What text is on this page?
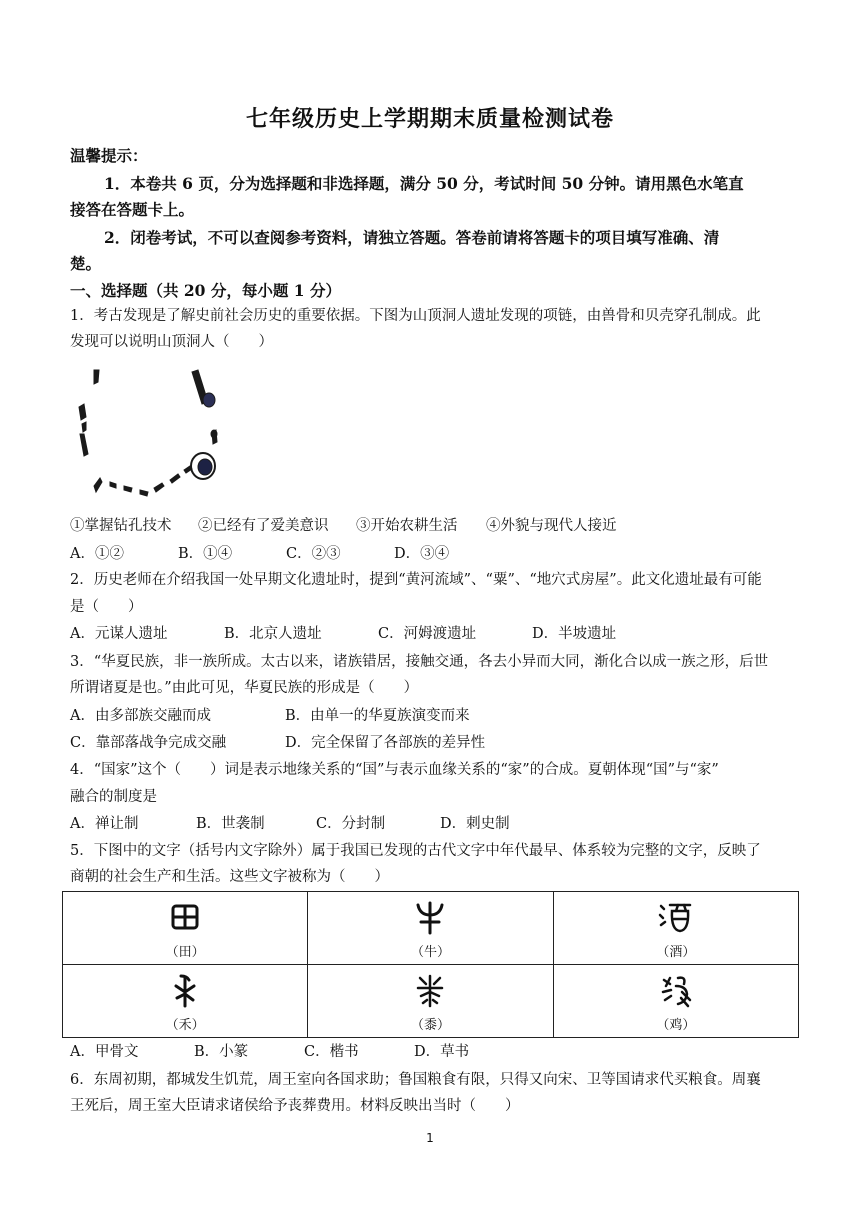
七年级历史上学期期末质量检测试卷
温馨提示：
1．本卷共 6 页，分为选择题和非选择题，满分 50 分，考试时间 50 分钟。请用黑色水笔直
接答在答题卡上。
2．闭卷考试，不可以查阅参考资料，请独立答题。答卷前请将答题卡的项目填写准确、清
楚。
一、选择题（共 20 分，每小题 1 分）
1．考古发现是了解史前社会历史的重要依据。下图为山顶洞人遗址发现的项链，由兽骨和贝壳穿孔制成。此
发现可以说明山顶洞人（　　）
①掌握钻孔技术 ②已经有了爱美意识 ③开始农耕生活 ④外貌与现代人接近
A．①②	B．①④	C．②③	D．③④
2．历史老师在介绍我国一处早期文化遗址时，提到“黄河流域”、“粟”、“地穴式房屋”。此文化遗址最有可能
是（　　）
A．元谋人遗址	B．北京人遗址	C．河姆渡遗址	D．半坡遗址
3．“华夏民族，非一族所成。太古以来，诸族错居，接触交通，各去小异而大同，渐化合以成一族之形，后世
所谓诸夏是也。”由此可见，华夏民族的形成是（　　）
A．由多部族交融而成	B．由单一的华夏族演变而来
C．靠部落战争完成交融	D．完全保留了各部族的差异性
4．“国家”这个（　　）词是表示地缘关系的“国”与表示血缘关系的“家”的合成。夏朝体现“国”与“家”
融合的制度是
A．禅让制	B．世袭制	C．分封制	D．刺史制
5．下图中的文字（括号内文字除外）属于我国已发现的古代文字中年代最早、体系较为完整的文字，反映了
商朝的社会生产和生活。这些文字被称为（　　）
（田）	（牛）	（酒）

（禾）	（黍）	（鸡）
A．甲骨文	B．小篆	C．楷书	D．草书
6．东周初期，都城发生饥荒，周王室向各国求助；鲁国粮食有限，只得又向宋、卫等国请求代买粮食。周襄
王死后，周王室大臣请求诸侯给予丧葬费用。材料反映出当时（　　）
1
